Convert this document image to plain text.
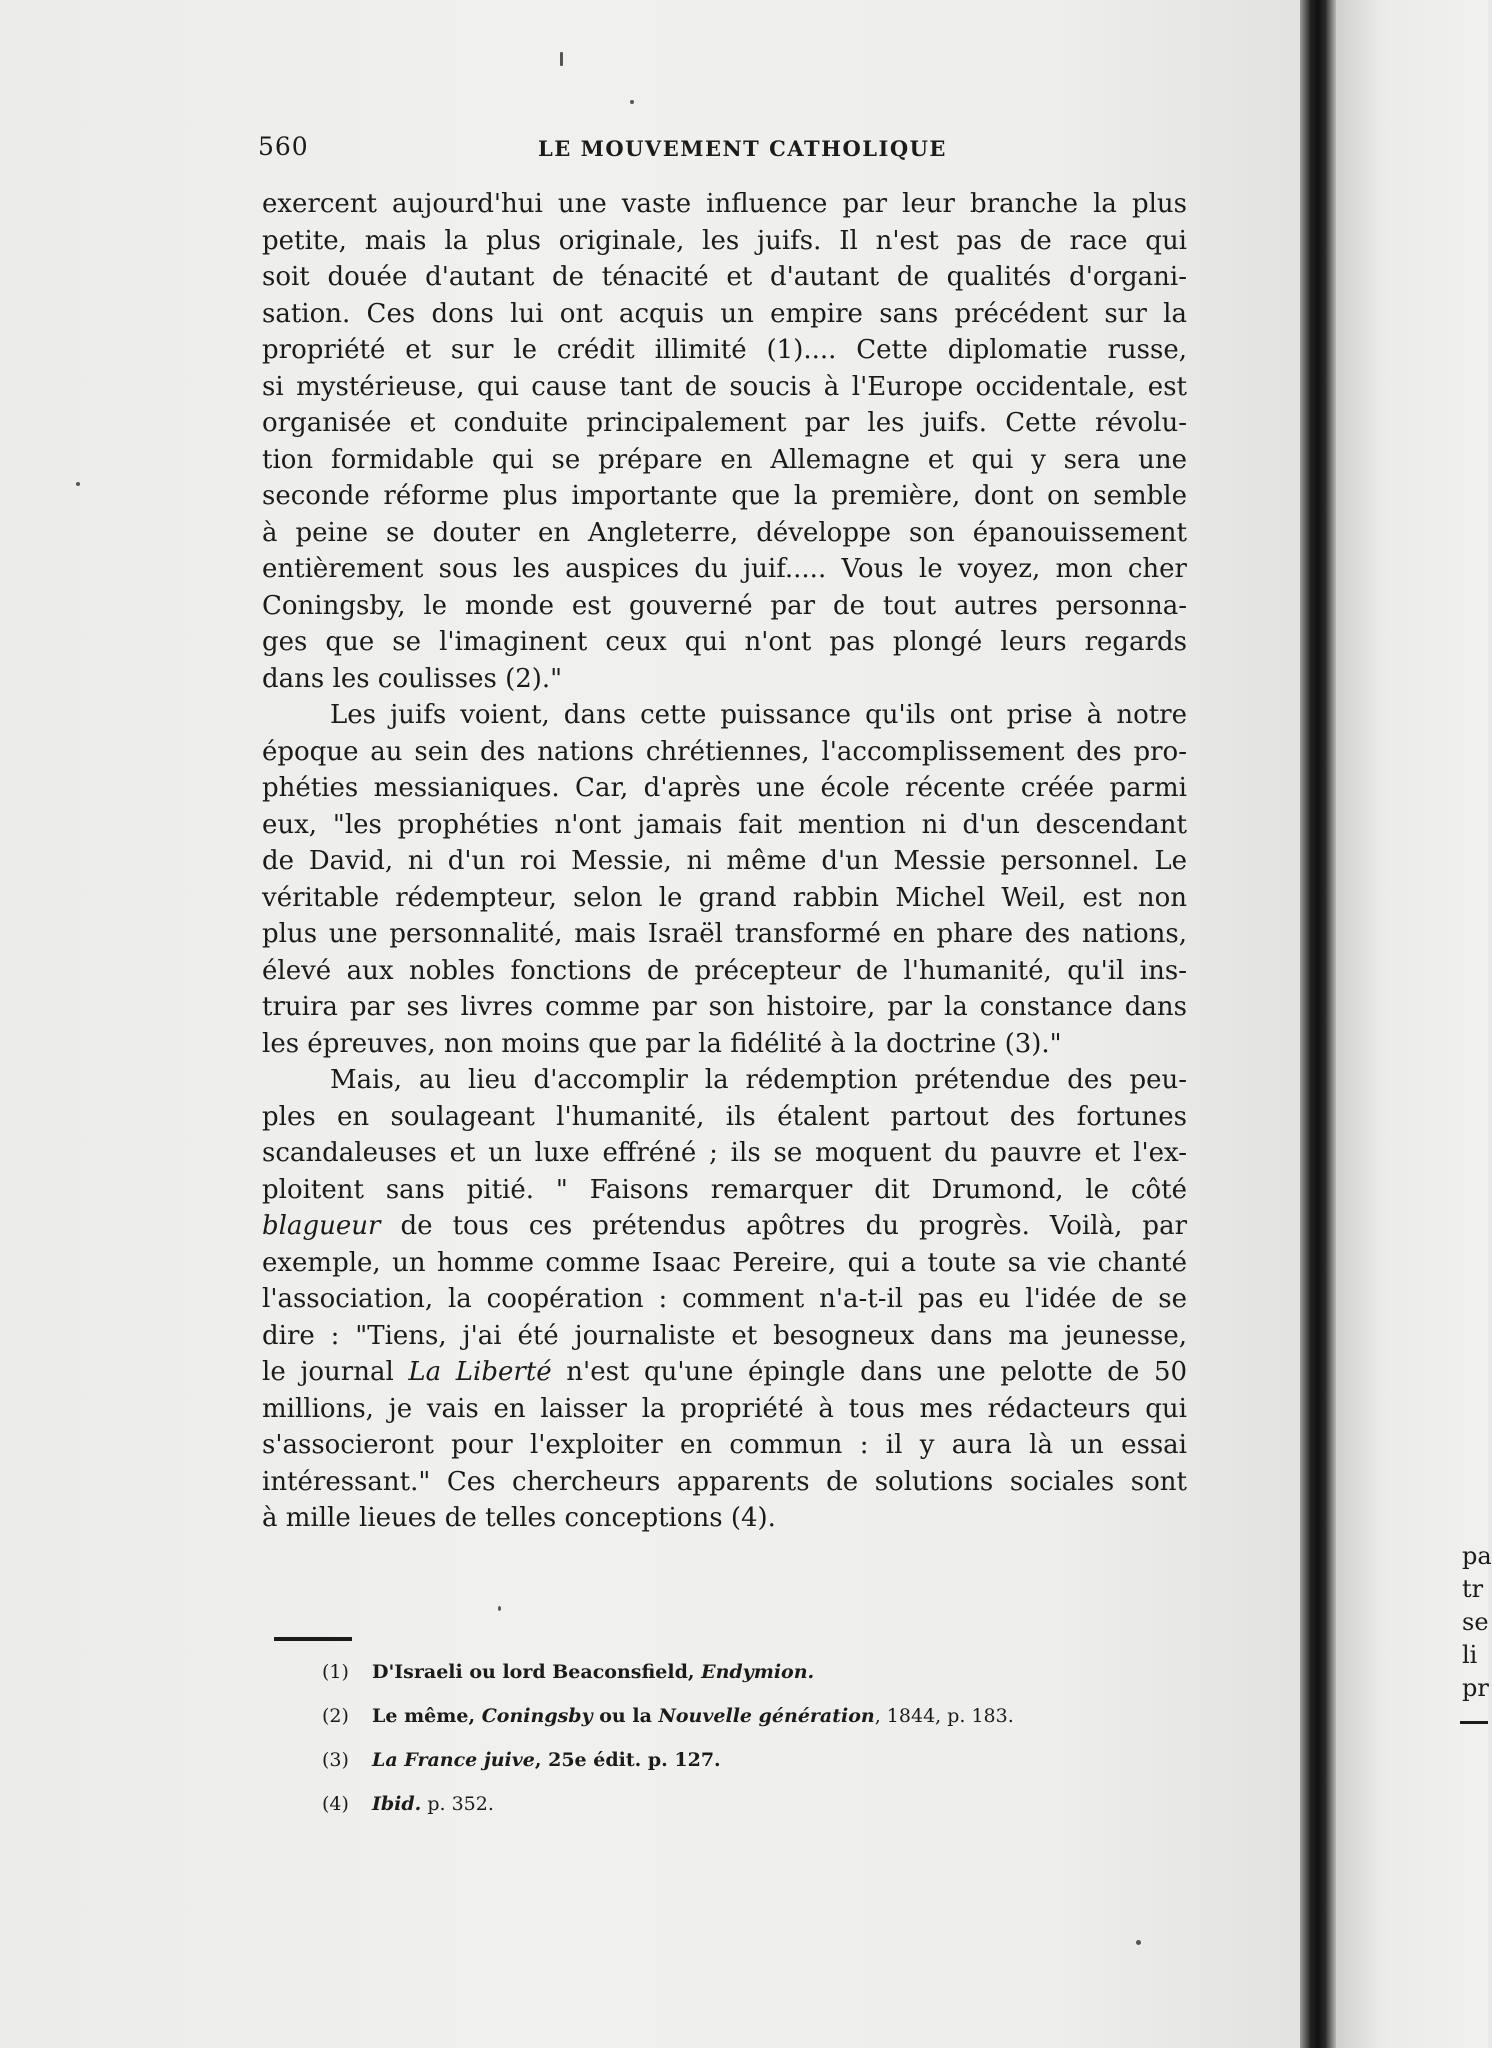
560	LE MOUVEMENT CATHOLIQUE
exercent aujourd'hui une vaste influence par leur branche la plus
petite, mais la plus originale, les juifs. Il n'est pas de race qui
soit douée d'autant de ténacité et d'autant de qualités d'organi-
sation. Ces dons lui ont acquis un empire sans précédent sur la
propriété et sur le crédit illimité (1).... Cette diplomatie russe,
si mystérieuse, qui cause tant de soucis à l'Europe occidentale, est
organisée et conduite principalement par les juifs. Cette révolu-
tion formidable qui se prépare en Allemagne et qui y sera une
seconde réforme plus importante que la première, dont on semble
à peine se douter en Angleterre, développe son épanouissement
entièrement sous les auspices du juif..... Vous le voyez, mon cher
Coningsby, le monde est gouverné par de tout autres personna-
ges que se l'imaginent ceux qui n'ont pas plongé leurs regards
dans les coulisses (2)."
Les juifs voient, dans cette puissance qu'ils ont prise à notre
époque au sein des nations chrétiennes, l'accomplissement des pro-
phéties messianiques. Car, d'après une école récente créée parmi
eux, "les prophéties n'ont jamais fait mention ni d'un descendant
de David, ni d'un roi Messie, ni même d'un Messie personnel. Le
véritable rédempteur, selon le grand rabbin Michel Weil, est non
plus une personnalité, mais Israël transformé en phare des nations,
élevé aux nobles fonctions de précepteur de l'humanité, qu'il ins-
truira par ses livres comme par son histoire, par la constance dans
les épreuves, non moins que par la fidélité à la doctrine (3)."
Mais, au lieu d'accomplir la rédemption prétendue des peu-
ples en soulageant l'humanité, ils étalent partout des fortunes
scandaleuses et un luxe effréné ; ils se moquent du pauvre et l'ex-
ploitent sans pitié. " Faisons remarquer dit Drumond, le côté
blagueur de tous ces prétendus apôtres du progrès. Voilà, par
exemple, un homme comme Isaac Pereire, qui a toute sa vie chanté
l'association, la coopération : comment n'a-t-il pas eu l'idée de se
dire : "Tiens, j'ai été journaliste et besogneux dans ma jeunesse,
le journal La Liberté n'est qu'une épingle dans une pelotte de 50
millions, je vais en laisser la propriété à tous mes rédacteurs qui
s'associeront pour l'exploiter en commun : il y aura là un essai
intéressant." Ces chercheurs apparents de solutions sociales sont
à mille lieues de telles conceptions (4).
(1) D'Israeli ou lord Beaconsfield, Endymion.
(2) Le même, Coningsby ou la Nouvelle génération, 1844, p. 183.
(3) La France juive, 25e édit. p. 127.
(4) Ibid. p. 352.
pa
tr
se
li
pr
